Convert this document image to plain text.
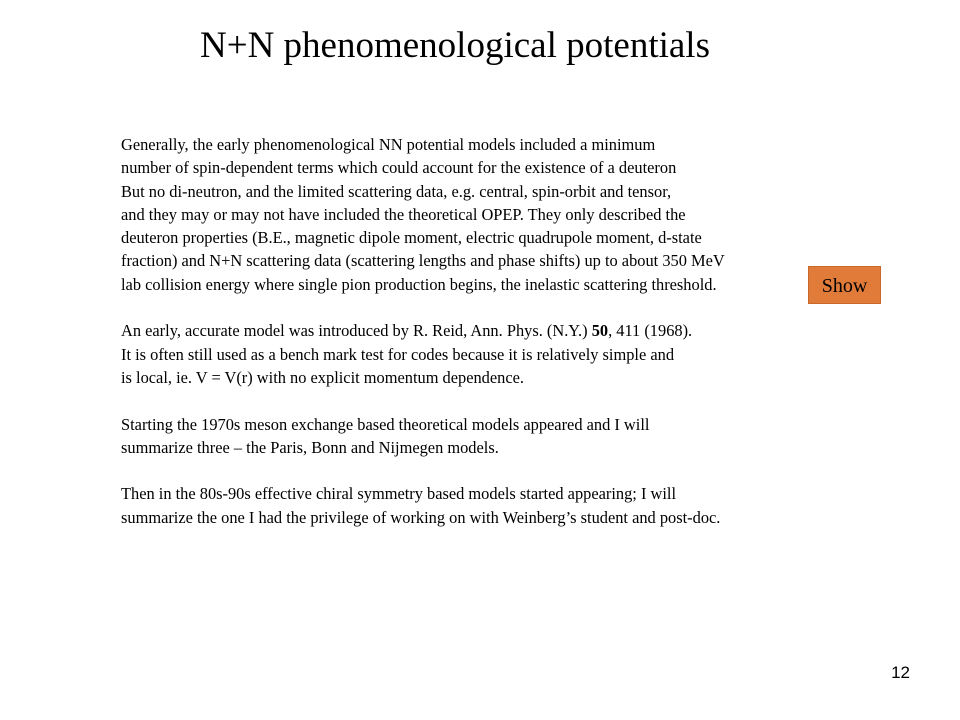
N+N phenomenological potentials

Generally, the early phenomenological NN potential models included a minimum
number of spin-dependent terms which could account for the existence of a deuteron
But no di-neutron, and the limited scattering data, e.g. central, spin-orbit and tensor,
and they may or may not have included the theoretical OPEP. They only described the
deuteron properties (B.E., magnetic dipole moment, electric quadrupole moment, d-state
fraction) and N+N scattering data (scattering lengths and phase shifts) up to about 350 MeV
lab collision energy where single pion production begins, the inelastic scattering threshold.

An early, accurate model was introduced by R. Reid, Ann. Phys. (N.Y.) 50, 411 (1968).
It is often still used as a bench mark test for codes because it is relatively simple and
is local, ie. V = V(r) with no explicit momentum dependence.

Starting the 1970s meson exchange based theoretical models appeared and I will
summarize three – the Paris, Bonn and Nijmegen models.

Then in the 80s-90s effective chiral symmetry based models started appearing; I will
summarize the one I had the privilege of working on with Weinberg’s student and post-doc.

Show
12
